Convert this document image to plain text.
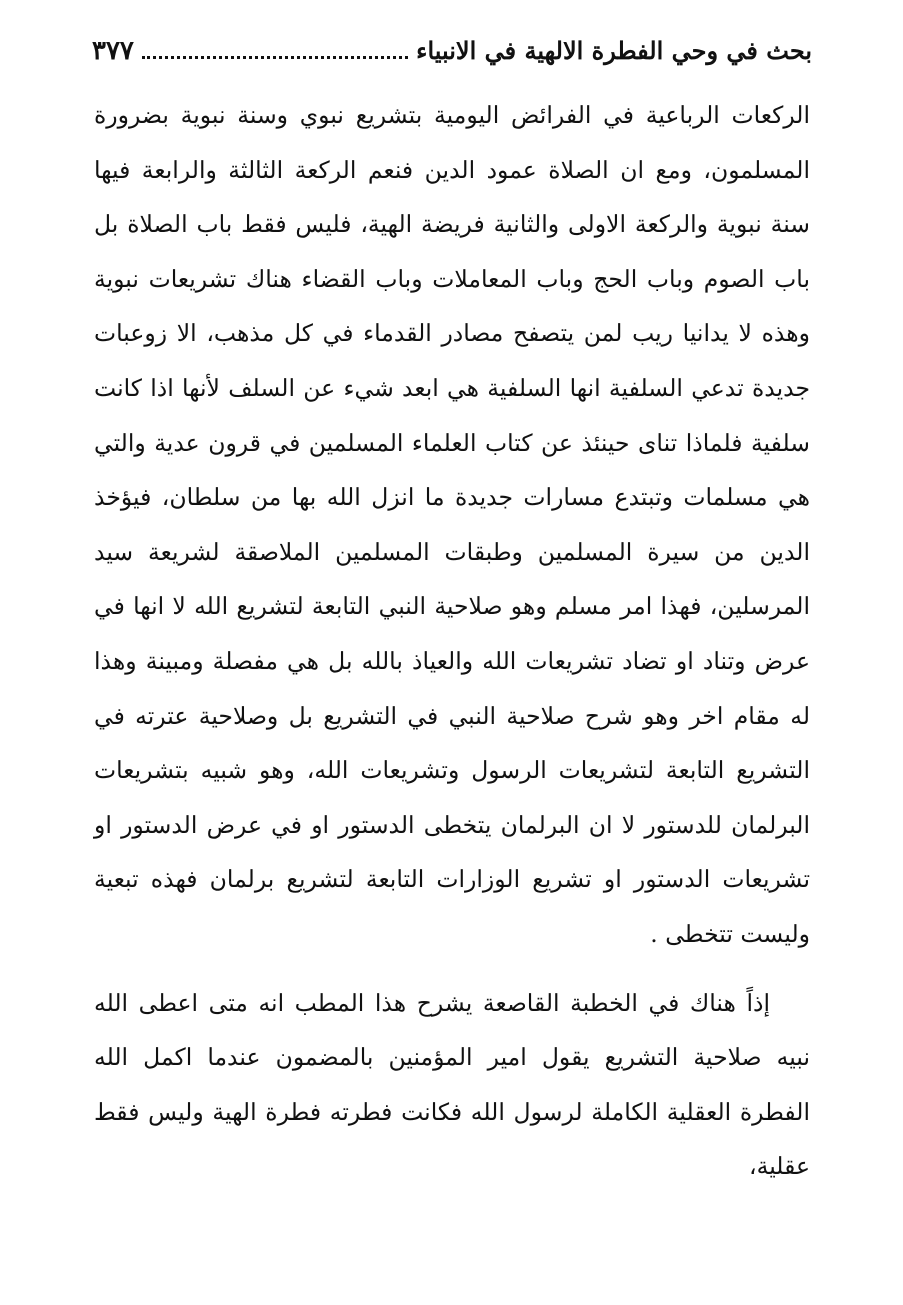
بحث في وحي الفطرة الالهية في الانبياء
٣٧٧

الركعات الرباعية في الفرائض اليومية بتشريع نبوي وسنة نبوية بضرورة المسلمون، ومع ان الصلاة عمود الدين فنعم الركعة الثالثة والرابعة فيها سنة نبوية والركعة الاولى والثانية فريضة الهية، فليس فقط باب الصلاة بل باب الصوم وباب الحج وباب المعاملات وباب القضاء هناك تشريعات نبوية وهذه لا يدانيا ريب لمن يتصفح مصادر القدماء في كل مذهب، الا زوعبات جديدة تدعي السلفية انها السلفية هي ابعد شيء عن السلف لأنها اذا كانت سلفية فلماذا تناى حينئذ عن كتاب العلماء المسلمين في قرون عدية والتي هي مسلمات وتبتدع مسارات جديدة ما انزل الله بها من سلطان، فيؤخذ الدين من سيرة المسلمين وطبقات المسلمين الملاصقة لشريعة سيد المرسلين، فهذا امر مسلم وهو صلاحية النبي التابعة لتشريع الله لا انها في عرض وتناد او تضاد تشريعات الله والعياذ بالله بل هي مفصلة ومبينة وهذا له مقام اخر وهو شرح صلاحية النبي في التشريع بل وصلاحية عترته في التشريع التابعة لتشريعات الرسول وتشريعات الله، وهو شبيه بتشريعات البرلمان للدستور لا ان البرلمان يتخطى الدستور او في عرض الدستور او تشريعات الدستور او تشريع الوزارات التابعة لتشريع برلمان فهذه تبعية وليست تتخطى .

إذاً هناك في الخطبة القاصعة يشرح هذا المطب انه متى اعطى الله نبيه صلاحية التشريع يقول امير المؤمنين بالمضمون عندما اكمل الله الفطرة العقلية الكاملة لرسول الله فكانت فطرته فطرة الهية وليس فقط عقلية،
